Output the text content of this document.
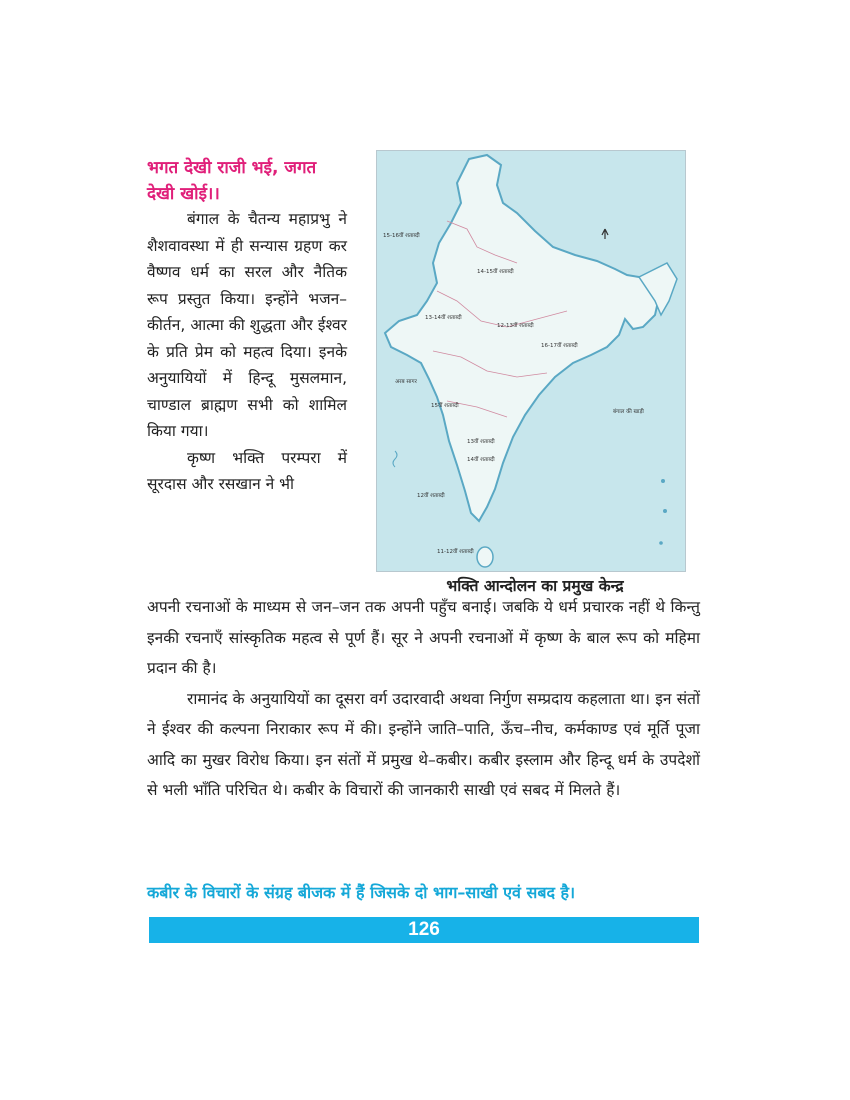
भगत देखी राजी भई, जगत देखी खोई।।

बंगाल के चैतन्य महाप्रभु ने शैशवावस्था में ही सन्यास ग्रहण कर वैष्णव धर्म का सरल और नैतिक रूप प्रस्तुत किया। इन्होंने भजन–कीर्तन, आत्मा की शुद्धता और ईश्वर के प्रति प्रेम को महत्व दिया। इनके अनुयायियों में हिन्दू मुसलमान, चाण्डाल ब्राह्मण सभी को शामिल किया गया।

कृष्ण भक्ति परम्परा में सूरदास और रसखान ने भी

अरब सागर
बंगाल की खाड़ी
15-16वीं शताब्दी
14-15वीं शताब्दी
13-14वीं शताब्दी
12-13वीं शताब्दी
16-17वीं शताब्दी
15वीं शताब्दी
13वीं शताब्दी
14वीं शताब्दी
12वीं शताब्दी
11-12वीं शताब्दी
भक्ति आन्दोलन का प्रमुख केन्द्र

अपनी रचनाओं के माध्यम से जन–जन तक अपनी पहुँच बनाई। जबकि ये धर्म प्रचारक नहीं थे किन्तु इनकी रचनाएँ सांस्कृतिक महत्व से पूर्ण हैं। सूर ने अपनी रचनाओं में कृष्ण के बाल रूप को महिमा प्रदान की है।

रामानंद के अनुयायियों का दूसरा वर्ग उदारवादी अथवा निर्गुण सम्प्रदाय कहलाता था। इन संतों ने ईश्वर की कल्पना निराकार रूप में की। इन्होंने जाति–पाति, ऊँच–नीच, कर्मकाण्ड एवं मूर्ति पूजा आदि का मुखर विरोध किया। इन संतों में प्रमुख थे–कबीर। कबीर इस्लाम और हिन्दू धर्म के उपदेशों से भली भाँति परिचित थे। कबीर के विचारों की जानकारी साखी एवं सबद में मिलते हैं।

कबीर के विचारों के संग्रह बीजक में हैं जिसके दो भाग–साखी एवं सबद है।
126
